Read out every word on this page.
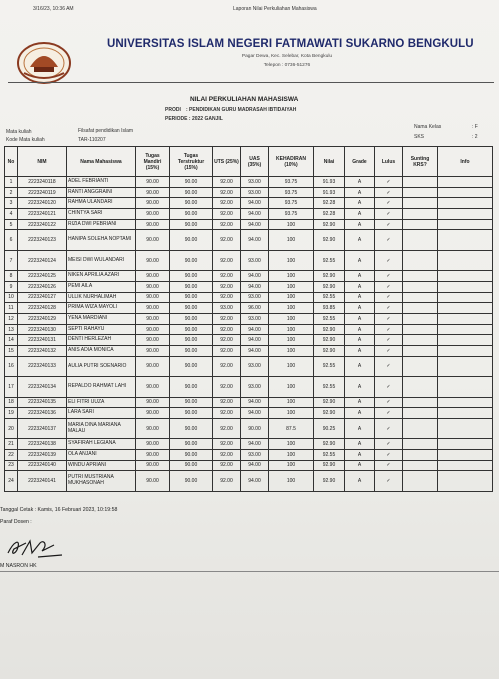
3/16/23, 10:36 AM	Laporan Nilai Perkuliahan Mahasiswa
UNIVERSITAS ISLAM NEGERI FATMAWATI SUKARNO BENGKULU
Pagar Dewa, Kec. Selebar, Kota Bengkulu
Telepon : 0736-51276
NILAI PERKULIAHAN MAHASISWA
PRODI : PENDIDIKAN GURU MADRASAH IBTIDAIYAH
PERIODE : 2022 GANJIL
Mata kuliah	Filsafat pendidikan Islam
Kode Mata kuliah	TAR-110207
Nama Kelas	: F
SKS	: 2
No	NIM	Nama Mahasiswa	Tugas Mandiri (15%)	Tugas Terstruktur (15%)	UTS (25%)	UAS (35%)	KEHADIRAN (10%)	Nilai	Grade	Lulus	Sunting KRS?	Info
1	2223240118	ADEL FEBRIANTI	90.00	90.00	92.00	93.00	93.75	91.93	A	✓		
2	2223240119	RANTI ANGGRAINI	90.00	90.00	92.00	93.00	93.75	91.93	A	✓		
3	2223240120	RAHMA ULANDARI	90.00	90.00	92.00	94.00	93.75	92.28	A	✓		
4	2223240121	CHINTYA SARI	90.00	90.00	92.00	94.00	93.75	92.28	A	✓		
5	2223240122	RIZIA DWI PEBRIANI	90.00	90.00	92.00	94.00	100	92.90	A	✓		
6	2223240123	HANIPA SOLEHA NOPTAMI	90.00	90.00	92.00	94.00	100	92.90	A	✓		
7	2223240124	MEISI DWI WULANDARI	90.00	90.00	92.00	93.00	100	92.55	A	✓		
8	2223240125	NIKEN APRILIA AZARI	90.00	90.00	92.00	94.00	100	92.90	A	✓		
9	2223240126	PEMI AILA	90.00	90.00	92.00	94.00	100	92.90	A	✓		
10	2223240127	ULLIK NURHALIMAH	90.00	90.00	92.00	93.00	100	92.55	A	✓		
11	2223240128	PRIMA WIZA MAYOLI	90.00	90.00	93.00	96.00	100	93.85	A	✓		
12	2223240129	YENA MARDIANI	90.00	90.00	92.00	93.00	100	92.55	A	✓		
13	2223240130	SEPTI RAHAYU	90.00	90.00	92.00	94.00	100	92.90	A	✓		
14	2223240131	DENTI HERLEZAH	90.00	90.00	92.00	94.00	100	92.90	A	✓		
15	2223240132	ANIS ADIA MONICA	90.00	90.00	92.00	94.00	100	92.90	A	✓		
16	2223240133	AULIA PUTRI SOENARIO	90.00	90.00	92.00	93.00	100	92.55	A	✓		
17	2223240134	REPALDO RAHMAT LAHI	90.00	90.00	92.00	93.00	100	92.55	A	✓		
18	2223240135	ELI FITRI UUZA	90.00	90.00	92.00	94.00	100	92.90	A	✓		
19	2223240136	LARA SARI	90.00	90.00	92.00	94.00	100	92.90	A	✓		
20	2223240137	MARIA DINA MARIANA MALAU	90.00	90.00	92.00	90.00	87.5	90.25	A	✓		
21	2223240138	SYAFIRAH LEGIANA	90.00	90.00	92.00	94.00	100	92.90	A	✓		
22	2223240139	OLA ANJANI	90.00	90.00	92.00	93.00	100	92.55	A	✓		
23	2223240140	WINDU APRIANI	90.00	90.00	92.00	94.00	100	92.90	A	✓		
24	2223240141	PUTRI MUSTRIANA MUKHASONAH	90.00	90.00	92.00	94.00	100	92.90	A	✓		
Tanggal Cetak : Kamis, 16 Februari 2023, 10:19:58
Paraf Dosen :
M NASRON HK
